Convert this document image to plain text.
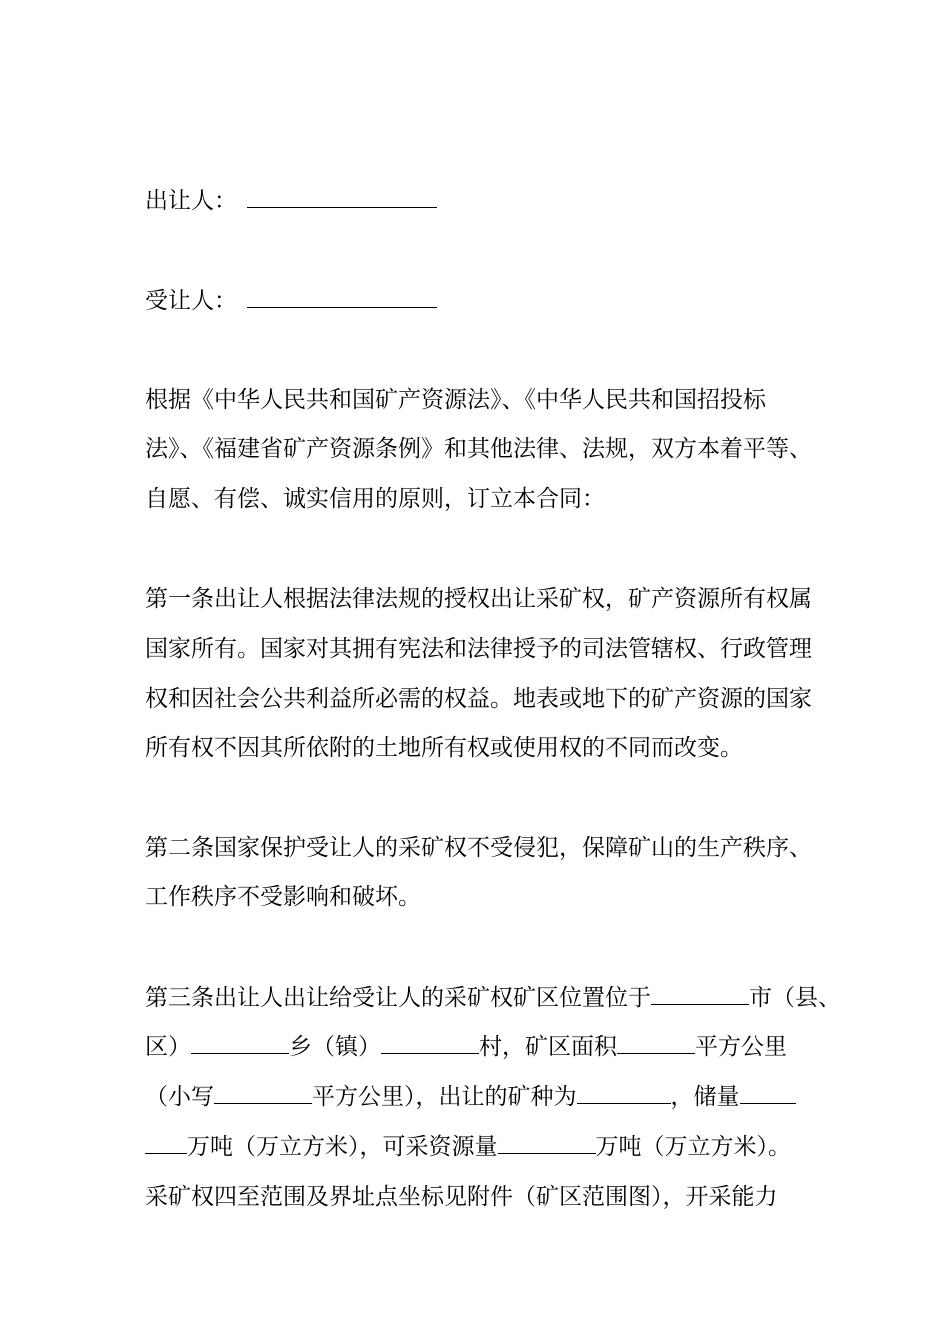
出让人：

受让人：

根据《中华人民共和国矿产资源法》、《中华人民共和国招投标

法》、《福建省矿产资源条例》和其他法律、法规，双方本着平等、

自愿、有偿、诚实信用的原则，订立本合同：

第一条出让人根据法律法规的授权出让采矿权，矿产资源所有权属

国家所有。国家对其拥有宪法和法律授予的司法管辖权、行政管理

权和因社会公共利益所必需的权益。地表或地下的矿产资源的国家

所有权不因其所依附的土地所有权或使用权的不同而改变。

第二条国家保护受让人的采矿权不受侵犯，保障矿山的生产秩序、

工作秩序不受影响和破坏。

第三条出让人出让给受让人的采矿权矿区位置位于	市（县、

区）	乡（镇）	村，矿区面积	平方公里

（小写	平方公里），出让的矿种为	，储量

万吨（万立方米），可采资源量	万吨（万立方米）。

采矿权四至范围及界址点坐标见附件（矿区范围图），开采能力
